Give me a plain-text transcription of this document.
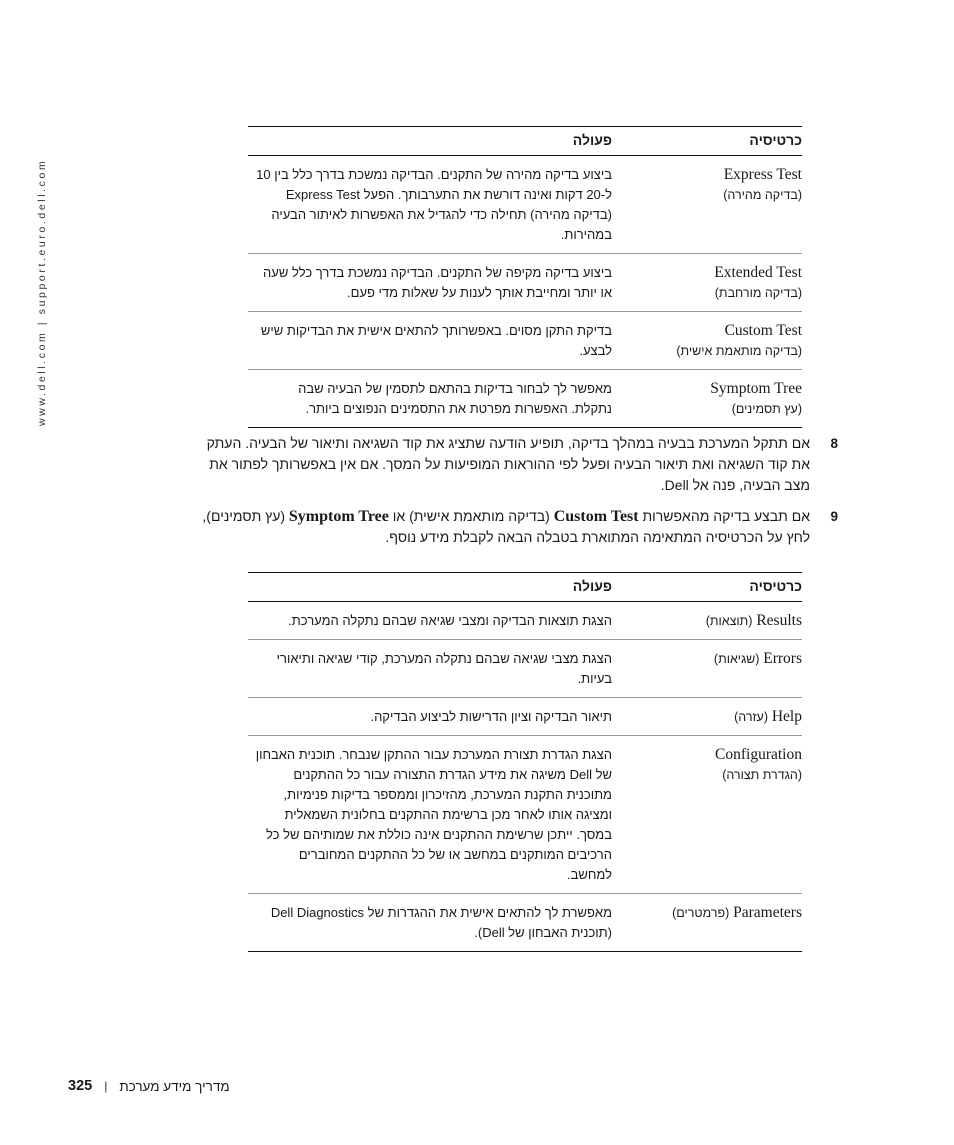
www.dell.com | support.euro.dell.com
כרטיסיה	פעולה

Express Test
(בדיקה מהירה)	ביצוע בדיקה מהירה של התקנים. הבדיקה נמשכת בדרך כלל בין 10 ל-20 דקות ואינה דורשת את התערבותך. הפעל Express Test (בדיקה מהירה) תחילה כדי להגדיל את האפשרות לאיתור הבעיה במהירות.

Extended Test
(בדיקה מורחבת)	ביצוע בדיקה מקיפה של התקנים. הבדיקה נמשכת בדרך כלל שעה או יותר ומחייבת אותך לענות על שאלות מדי פעם.

Custom Test
(בדיקה מותאמת אישית)	בדיקת התקן מסוים. באפשרותך להתאים אישית את הבדיקות שיש לבצע.

Symptom Tree
(עץ תסמינים)	מאפשר לך לבחור בדיקות בהתאם לתסמין של הבעיה שבה נתקלת. האפשרות מפרטת את התסמינים הנפוצים ביותר.
8
אם תתקל המערכת בבעיה במהלך בדיקה, תופיע הודעה שתציג את קוד השגיאה ותיאור של הבעיה. העתק את קוד השגיאה ואת תיאור הבעיה ופעל לפי ההוראות המופיעות על המסך. אם אין באפשרותך לפתור את מצב הבעיה, פנה אל Dell.
9
אם תבצע בדיקה מהאפשרות Custom Test (בדיקה מותאמת אישית) או Symptom Tree (עץ תסמינים), לחץ על הכרטיסיה המתאימה המתוארת בטבלה הבאה לקבלת מידע נוסף.
כרטיסיה	פעולה

Results (תוצאות)	הצגת תוצאות הבדיקה ומצבי שגיאה שבהם נתקלה המערכת.

Errors (שגיאות)	הצגת מצבי שגיאה שבהם נתקלה המערכת, קודי שגיאה ותיאורי בעיות.

Help (עזרה)	תיאור הבדיקה וציון הדרישות לביצוע הבדיקה.

Configuration
(הגדרת תצורה)	הצגת הגדרת תצורת המערכת עבור ההתקן שנבחר. תוכנית האבחון של Dell משיגה את מידע הגדרת התצורה עבור כל ההתקנים מתוכנית התקנת המערכת, מהזיכרון וממספר בדיקות פנימיות, ומציגה אותו לאחר מכן ברשימת ההתקנים בחלונית השמאלית במסך. ייתכן שרשימת ההתקנים אינה כוללת את שמותיהם של כל הרכיבים המותקנים במחשב או של כל ההתקנים המחוברים למחשב.

Parameters (פרמטרים)	מאפשרת לך להתאים אישית את ההגדרות של Dell Diagnostics (תוכנית האבחון של Dell).
325 | מדריך מידע מערכת
